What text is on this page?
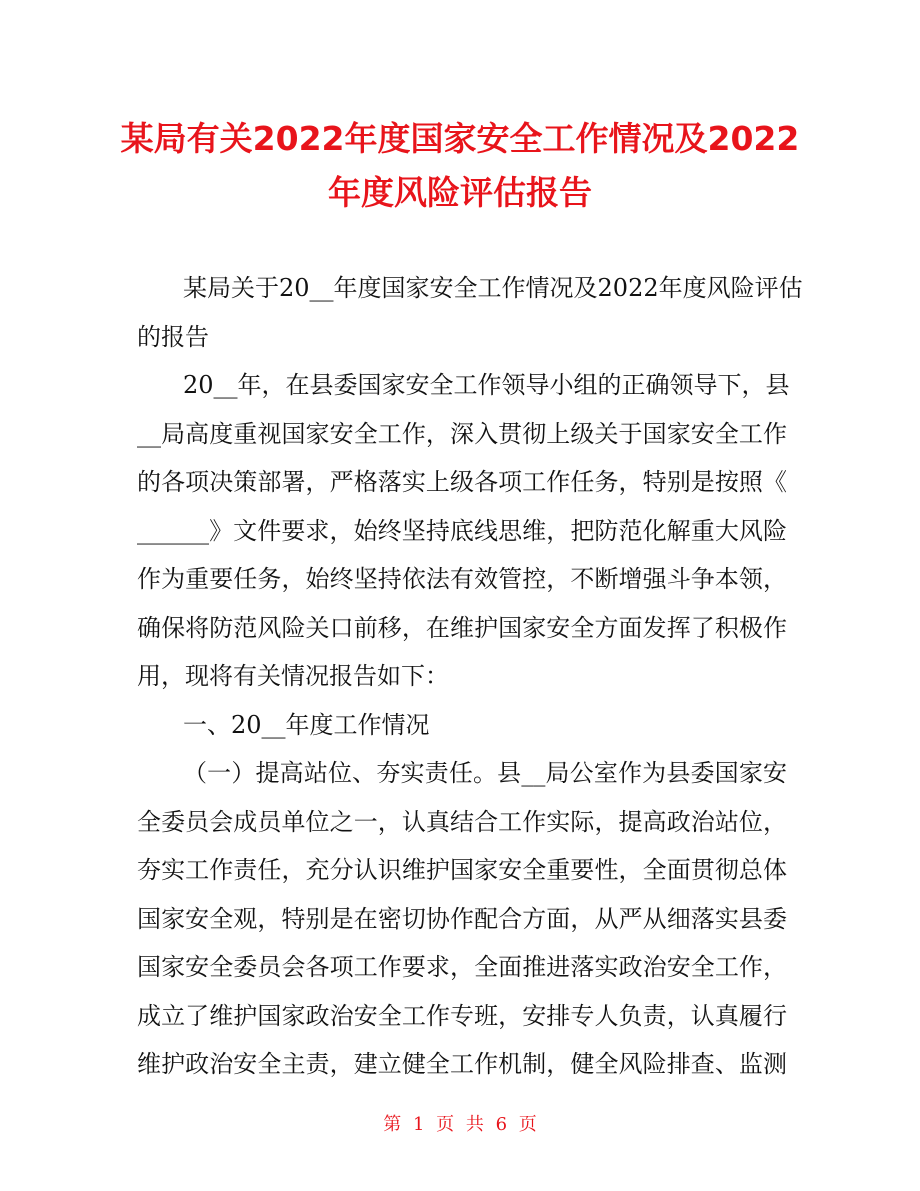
某局有关2022年度国家安全工作情况及2022
年度风险评估报告
某局关于20__年度国家安全工作情况及2022年度风险评估
的报告
20__年，在县委国家安全工作领导小组的正确领导下，县
__局高度重视国家安全工作，深入贯彻上级关于国家安全工作
的各项决策部署，严格落实上级各项工作任务，特别是按照《
______》文件要求，始终坚持底线思维，把防范化解重大风险
作为重要任务，始终坚持依法有效管控，不断增强斗争本领，
确保将防范风险关口前移，在维护国家安全方面发挥了积极作
用，现将有关情况报告如下：
一、20__年度工作情况
（一）提高站位、夯实责任。县__局公室作为县委国家安
全委员会成员单位之一，认真结合工作实际，提高政治站位，
夯实工作责任，充分认识维护国家安全重要性，全面贯彻总体
国家安全观，特别是在密切协作配合方面，从严从细落实县委
国家安全委员会各项工作要求，全面推进落实政治安全工作，
成立了维护国家政治安全工作专班，安排专人负责，认真履行
维护政治安全主责，建立健全工作机制，健全风险排查、监测
第 1 页 共 6 页
